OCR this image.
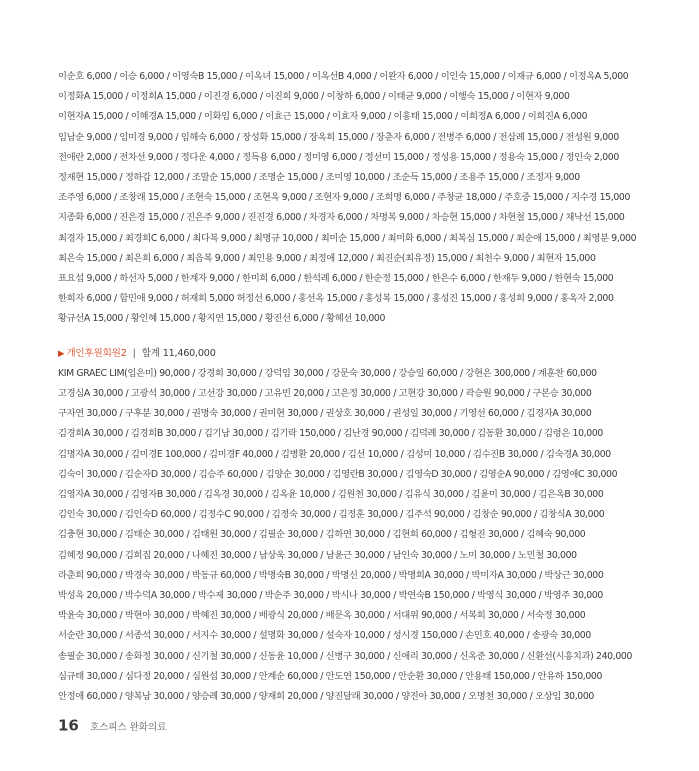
이순호 6,000 / 이승 6,000 / 이영숙B 15,000 / 이옥녀 15,000 / 이옥선B 4,000 / 이완자 6,000 / 이인숙 15,000 / 이재규 6,000 / 이정옥A 5,000
이정화A 15,000 / 이정희A 15,000 / 이진경 6,000 / 이진희 9,000 / 이창하 6,000 / 이태균 9,000 / 이행숙 15,000 / 이현자 9,000
이현자A 15,000 / 이혜경A 15,000 / 이화임 6,000 / 이효근 15,000 / 이효자 9,000 / 이홍태 15,000 / 이희정A 6,000 / 이희진A 6,000
임남순 9,000 / 임미경 9,000 / 임해숙 6,000 / 장성화 15,000 / 장옥희 15,000 / 장춘자 6,000 / 전병주 6,000 / 전삼례 15,000 / 전성원 9,000
전애란 2,000 / 전차선 9,000 / 정다운 4,000 / 정득용 6,000 / 정미영 6,000 / 정선미 15,000 / 정성용 15,000 / 정용숙 15,000 / 정인숙 2,000
정재현 15,000 / 정하갑 12,000 / 조말순 15,000 / 조명순 15,000 / 조미영 10,000 / 조순득 15,000 / 조용주 15,000 / 조정자 9,000
조주영 6,000 / 조창래 15,000 / 조현숙 15,000 / 조현옥 9,000 / 조현자 9,000 / 조희명 6,000 / 주창균 18,000 / 주호중 15,000 / 지수경 15,000
지종화 6,000 / 진은경 15,000 / 진은주 9,000 / 진진경 6,000 / 차경자 6,000 / 차명복 9,000 / 차승현 15,000 / 차현철 15,000 / 채낙선 15,000
최경자 15,000 / 최경희C 6,000 / 최다복 9,000 / 최명규 10,000 / 최미순 15,000 / 최미화 6,000 / 최복심 15,000 / 최순애 15,000 / 최영분 9,000
최은숙 15,000 / 최은희 6,000 / 최음복 9,000 / 최인용 9,000 / 최정애 12,000 / 최진순(최유정) 15,000 / 최천수 9,000 / 최현자 15,000
표요섭 9,000 / 하선자 5,000 / 한계자 9,000 / 한미희 6,000 / 한석례 6,000 / 한순정 15,000 / 한은수 6,000 / 한재두 9,000 / 한현숙 15,000
한희자 6,000 / 함민애 9,000 / 허재희 5,000 허정선 6,000 / 홍선옥 15,000 / 홍성복 15,000 / 홍성진 15,000 / 홍성희 9,000 / 홍옥자 2,000
황규선A 15,000 / 황인혜 15,000 / 황지연 15,000 / 황진선 6,000 / 황혜선 10,000
▶ 개인후원회원2 | 합계 11,460,000
KIM GRAEC LIM(임은미) 90,000 / 강경희 30,000 / 강덕임 30,000 / 강문숙 30,000 / 강승일 60,000 / 강현은 300,000 / 계훈찬 60,000
고경심A 30,000 / 고광석 30,000 / 고선강 30,000 / 고유빈 20,000 / 고은정 30,000 / 고현강 30,000 / 곽승원 90,000 / 구본승 30,000
구자연 30,000 / 구후분 30,000 / 권명숙 30,000 / 권미현 30,000 / 권상호 30,000 / 권성일 30,000 / 기영선 60,000 / 김경자A 30,000
김경희A 30,000 / 김경희B 30,000 / 김기남 30,000 / 김기락 150,000 / 김난경 90,000 / 김덕례 30,000 / 김동환 30,000 / 김령은 10,000
김명자A 30,000 / 김미경E 100,000 / 김미경F 40,000 / 김병환 20,000 / 김선 10,000 / 김성미 10,000 / 김수진B 30,000 / 김숙경A 30,000
김숙이 30,000 / 김순자D 30,000 / 김승주 60,000 / 김양순 30,000 / 김영란B 30,000 / 김영숙D 30,000 / 김영순A 90,000 / 김영애C 30,000
김영자A 30,000 / 김영자B 30,000 / 김옥경 30,000 / 김옥윤 10,000 / 김원천 30,000 / 김유식 30,000 / 김윤미 30,000 / 김은옥B 30,000
김인숙 30,000 / 김인숙D 60,000 / 김정수C 90,000 / 김정숙 30,000 / 김정훈 30,000 / 김주석 90,000 / 김창순 90,000 / 김창식A 30,000
김충현 30,000 / 김태순 30,000 / 김태원 30,000 / 김필순 30,000 / 김하연 30,000 / 김현희 60,000 / 김형진 30,000 / 김혜숙 90,000
김혜정 90,000 / 김희집 20,000 / 나혜진 30,000 / 남상욱 30,000 / 남윤근 30,000 / 남인숙 30,000 / 노미 30,000 / 노민철 30,000
라춘희 90,000 / 박경숙 30,000 / 박동규 60,000 / 박명숙B 30,000 / 박명신 20,000 / 박명희A 30,000 / 박미자A 30,000 / 박상근 30,000
박성옥 20,000 / 박수덕A 30,000 / 박수제 30,000 / 박순주 30,000 / 박시나 30,000 / 박연숙B 150,000 / 박영식 30,000 / 박영주 30,000
박윤숙 30,000 / 박현아 30,000 / 박혜진 30,000 / 배광식 20,000 / 배문옥 30,000 / 서대위 90,000 / 서복희 30,000 / 서숙정 30,000
서순란 30,000 / 서종석 30,000 / 서지수 30,000 / 설명화 30,000 / 설숙자 10,000 / 성시경 150,000 / 손민호 40,000 / 송광숙 30,000
송필순 30,000 / 송화정 30,000 / 신기철 30,000 / 신동윤 10,000 / 신병구 30,000 / 신애리 30,000 / 신옥준 30,000 / 신환선(시흥치과) 240,000
심규태 30,000 / 심다정 20,000 / 심원섭 30,000 / 안계순 60,000 / 안도연 150,000 / 안순환 30,000 / 안용태 150,000 / 안유하 150,000
안정애 60,000 / 양복남 30,000 / 양승례 30,000 / 양재희 20,000 / 양진달래 30,000 / 양진아 30,000 / 오명천 30,000 / 오상임 30,000
16 호스피스 완화의료
